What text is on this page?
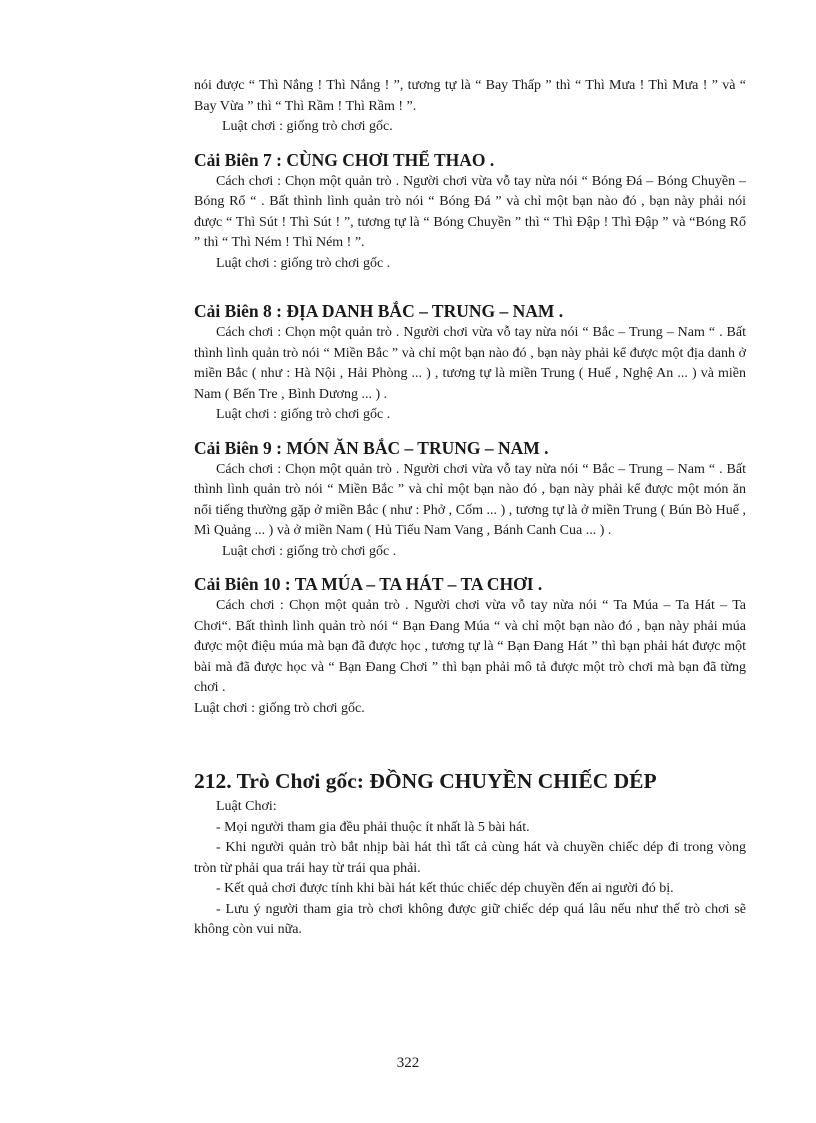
nói được “ Thì Nắng ! Thì Nắng ! ”, tương tự là “ Bay Thấp ” thì “ Thì Mưa ! Thì Mưa ! ” và “ Bay Vừa ” thì “ Thì Rầm ! Thì Rầm ! ”.

Luật chơi : giống trò chơi gốc.

Cải Biên 7 : CÙNG CHƠI THỂ THAO .

Cách chơi : Chọn một quản trò . Người chơi vừa vỗ tay nừa nói “ Bóng Đá – Bóng Chuyền – Bóng Rổ “ . Bất thình lình quản trò nói “ Bóng Đá ” và chỉ một bạn nào đó , bạn này phải nói được “ Thì Sút ! Thì Sút ! ”, tương tự là “ Bóng Chuyền ” thì “ Thì Đập ! Thì Đập ” và “Bóng Rổ ” thì “ Thì Ném ! Thì Ném ! ”.

Luật chơi : giống trò chơi gốc .

Cải Biên 8 : ĐỊA DANH BẮC – TRUNG – NAM .

Cách chơi : Chọn một quản trò . Người chơi vừa vỗ tay nừa nói “ Bắc – Trung – Nam “ . Bất thình lình quản trò nói “ Miền Bắc ” và chỉ một bạn nào đó , bạn này phải kể được một địa danh ở miền Bắc ( như : Hà Nội , Hải Phòng ... ) , tương tự là miền Trung ( Huế , Nghệ An ... ) và miền Nam ( Bến Tre , Bình Dương ... ) .

Luật chơi : giống trò chơi gốc .

Cải Biên 9 : MÓN ĂN BẮC – TRUNG – NAM .

Cách chơi : Chọn một quản trò . Người chơi vừa vỗ tay nừa nói “ Bắc – Trung – Nam “ . Bất thình lình quản trò nói “ Miền Bắc ” và chỉ một bạn nào đó , bạn này phải kể được một món ăn nổi tiếng thường gặp ở miền Bắc ( như : Phở , Cốm ... ) , tương tự là ở miền Trung ( Bún Bò Huế , Mì Quảng ... ) và ở miền Nam ( Hủ Tiếu Nam Vang , Bánh Canh Cua ... ) .

Luật chơi : giống trò chơi gốc .

Cải Biên 10 : TA MÚA – TA HÁT – TA CHƠI .

Cách chơi : Chọn một quản trò . Người chơi vừa vỗ tay nừa nói “ Ta Múa – Ta Hát – Ta Chơi“. Bất thình lình quản trò nói “ Bạn Đang Múa “ và chỉ một bạn nào đó , bạn này phải múa được một điệu múa mà bạn đã được học , tương tự là “ Bạn Đang Hát ” thì bạn phải hát được một bài mà đã được học và “ Bạn Đang Chơi ” thì bạn phải mô tả được một trò chơi mà bạn đã từng chơi .

Luật chơi : giống trò chơi gốc.

212. Trò Chơi gốc: ĐỒNG CHUYỀN CHIẾC DÉP

Luật Chơi:

- Mọi người tham gia đều phải thuộc ít nhất là 5 bài hát.

- Khi người quản trò bắt nhịp bài hát thì tất cả cùng hát và chuyền chiếc dép đi trong vòng tròn từ phải qua trái hay từ trái qua phải.

- Kết quả chơi được tính khi bài hát kết thúc chiếc dép chuyền đến ai người đó bị.

- Lưu ý người tham gia trò chơi không được giữ chiếc dép quá lâu nếu như thế trò chơi sẽ không còn vui nữa.

322
